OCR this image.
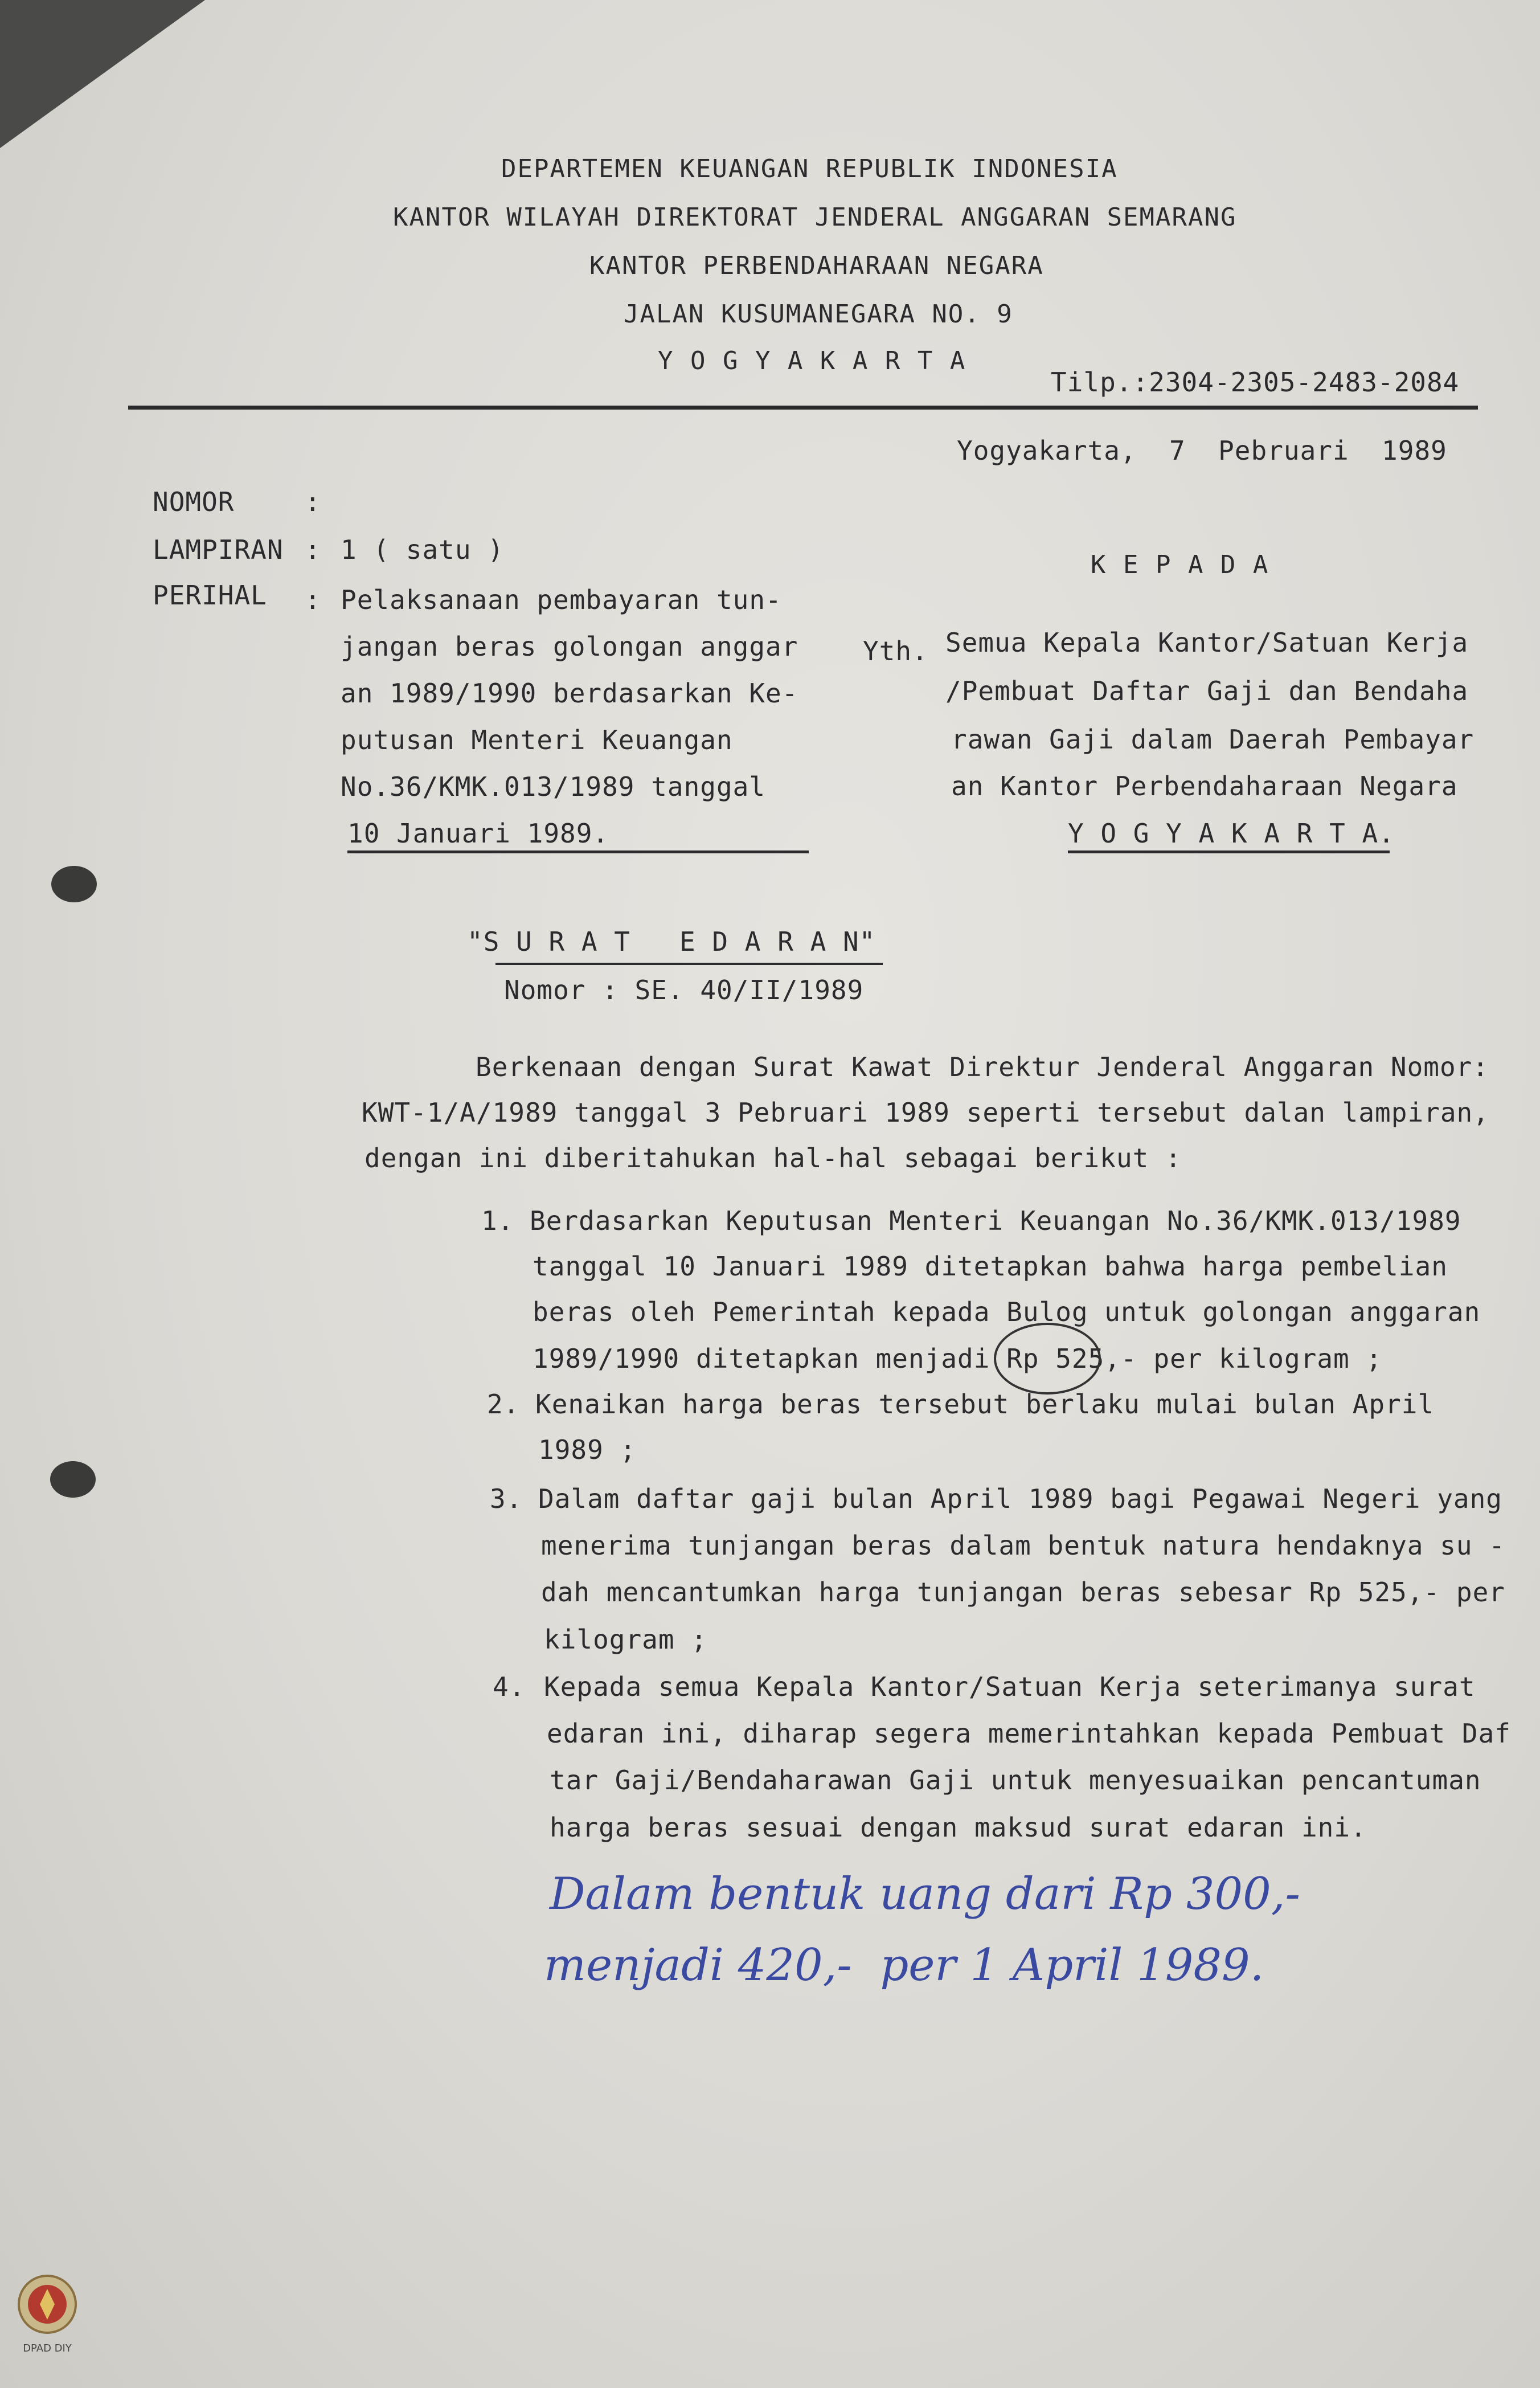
DEPARTEMEN KEUANGAN REPUBLIK INDONESIA
KANTOR WILAYAH DIREKTORAT JENDERAL ANGGARAN SEMARANG
KANTOR PERBENDAHARAAN NEGARA
JALAN KUSUMANEGARA NO. 9
Y O G Y A K A R T A
Tilp.:2304-2305-2483-2084
Yogyakarta,  7  Pebruari  1989
NOMOR	:
LAMPIRAN : 1 ( satu )
PERIHAL : Pelaksanaan pembayaran tun-
jangan beras golongan anggar
an 1989/1990 berdasarkan Ke-
putusan Menteri Keuangan
No.36/KMK.013/1989 tanggal
10 Januari 1989.
K E P A D A
Yth. Semua Kepala Kantor/Satuan Kerja
/Pembuat Daftar Gaji dan Bendaha
rawan Gaji dalam Daerah Pembayar
an Kantor Perbendaharaan Negara
Y O G Y A K A R T A.
"S U R A T   E D A R A N"
Nomor : SE. 40/II/1989
Berkenaan dengan Surat Kawat Direktur Jenderal Anggaran Nomor:
KWT-1/A/1989 tanggal 3 Pebruari 1989 seperti tersebut dalan lampiran,
dengan ini diberitahukan hal-hal sebagai berikut :
1. Berdasarkan Keputusan Menteri Keuangan No.36/KMK.013/1989
tanggal 10 Januari 1989 ditetapkan bahwa harga pembelian
beras oleh Pemerintah kepada Bulog untuk golongan anggaran
1989/1990 ditetapkan menjadi Rp 525,- per kilogram ;
2. Kenaikan harga beras tersebut berlaku mulai bulan April
1989 ;
3. Dalam daftar gaji bulan April 1989 bagi Pegawai Negeri yang
menerima tunjangan beras dalam bentuk natura hendaknya su -
dah mencantumkan harga tunjangan beras sebesar Rp 525,- per
kilogram ;
4. Kepada semua Kepala Kantor/Satuan Kerja seterimanya surat
edaran ini, diharap segera memerintahkan kepada Pembuat Daf
tar Gaji/Bendaharawan Gaji untuk menyesuaikan pencantuman
harga beras sesuai dengan maksud surat edaran ini.
Dalam bentuk uang dari Rp 300,-
menjadi 420,-  per 1 April 1989.
DPAD DIY
